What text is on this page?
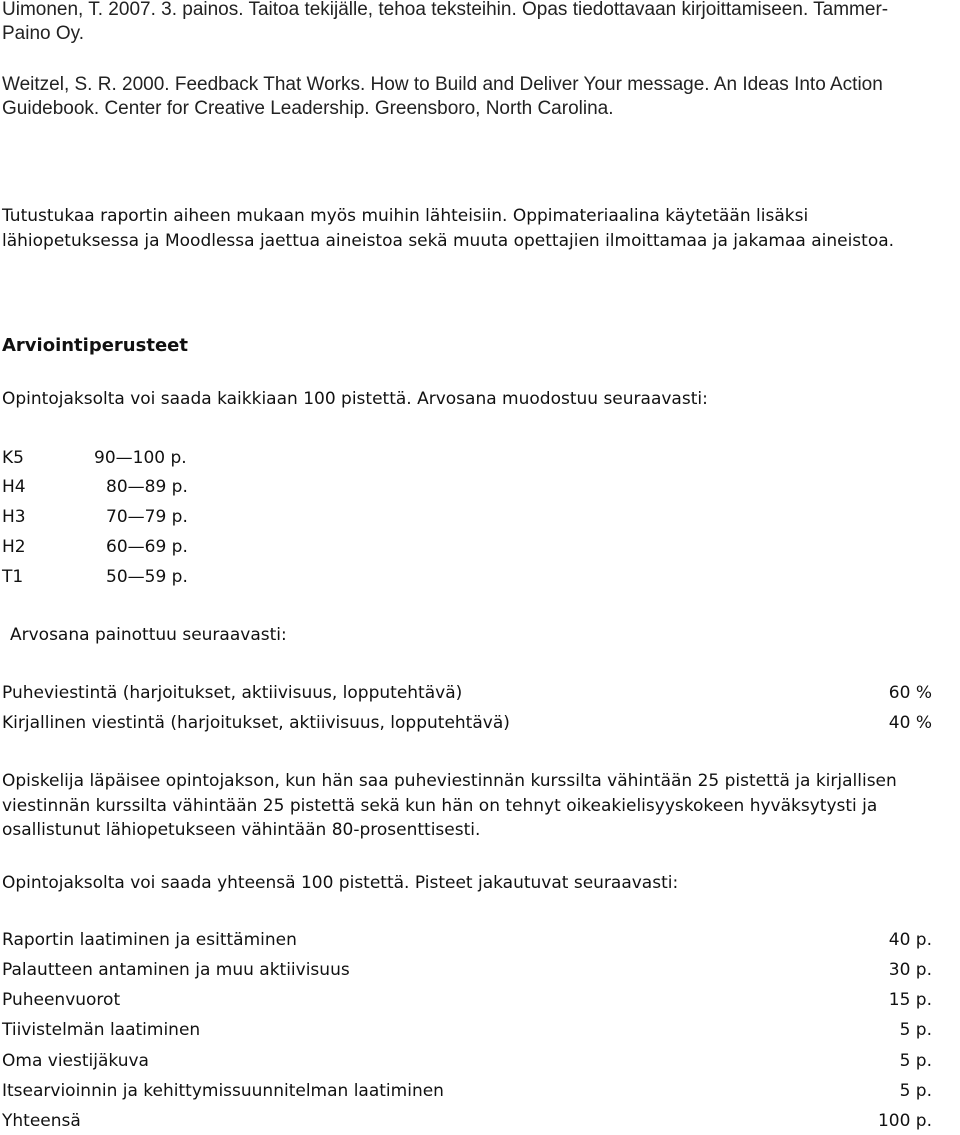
Uimonen, T. 2007. 3. painos. Taitoa tekijälle, tehoa teksteihin. Opas tiedottavaan kirjoittamiseen. Tammer-
Paino Oy.
Weitzel, S. R. 2000. Feedback That Works. How to Build and Deliver Your message. An Ideas Into Action
Guidebook. Center for Creative Leadership. Greensboro, North Carolina.
Tutustukaa raportin aiheen mukaan myös muihin lähteisiin. Oppimateriaalina käytetään lisäksi
lähiopetuksessa ja Moodlessa jaettua aineistoa sekä muuta opettajien ilmoittamaa ja jakamaa aineistoa.
Arviointiperusteet
Opintojaksolta voi saada kaikkiaan 100 pistettä. Arvosana muodostuu seuraavasti:
K5	90—100 p.
H4	80—89 p.
H3	70—79 p.
H2	60—69 p.
T1	50—59 p.
Arvosana painottuu seuraavasti:
Puheviestintä (harjoitukset, aktiivisuus, lopputehtävä)	60 %
Kirjallinen viestintä (harjoitukset, aktiivisuus, lopputehtävä)	40 %
Opiskelija läpäisee opintojakson, kun hän saa puheviestinnän kurssilta vähintään 25 pistettä ja kirjallisen
viestinnän kurssilta vähintään 25 pistettä sekä kun hän on tehnyt oikeakielisyyskokeen hyväksytysti ja
osallistunut lähiopetukseen vähintään 80-prosenttisesti.
Opintojaksolta voi saada yhteensä 100 pistettä. Pisteet jakautuvat seuraavasti:
Raportin laatiminen ja esittäminen	40 p.
Palautteen antaminen ja muu aktiivisuus	30 p.
Puheenvuorot	15 p.
Tiivistelmän laatiminen	5 p.
Oma viestijäkuva	5 p.
Itsearvioinnin ja kehittymissuunnitelman laatiminen	5 p.
Yhteensä	100 p.
